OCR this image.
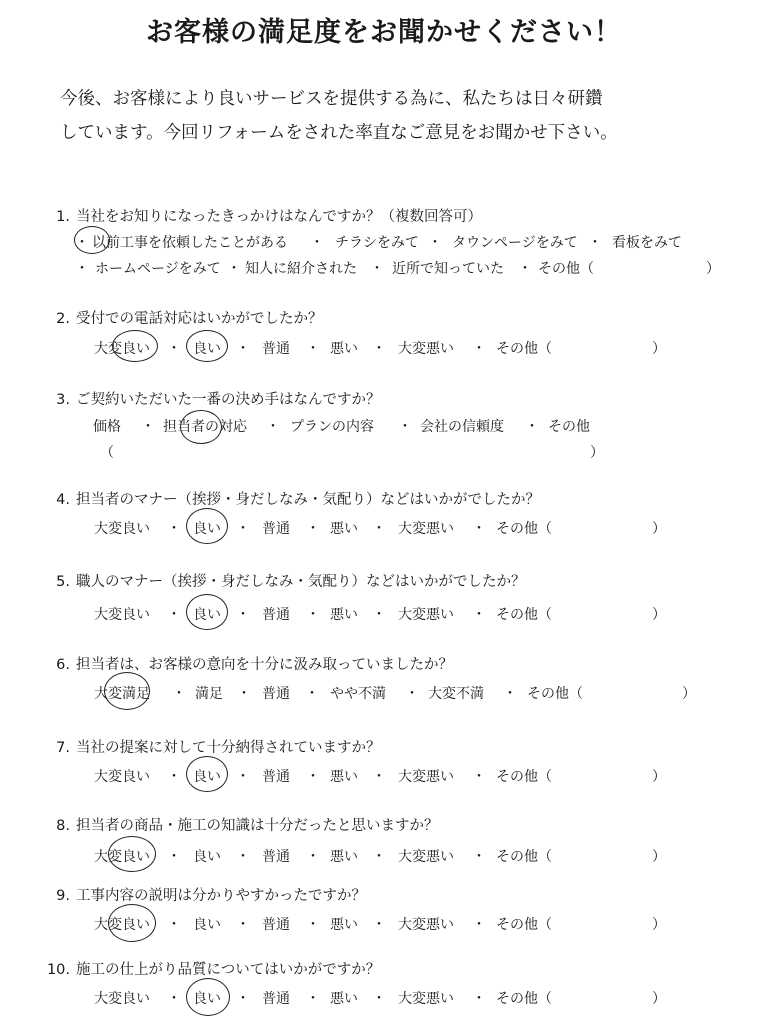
お客様の満足度をお聞かせください！
今後、お客様により良いサービスを提供する為に、私たちは日々研鑽
しています。今回リフォームをされた率直なご意見をお聞かせ下さい。
1. 当社をお知りになったきっかけはなんですか？（複数回答可）
・ 以前工事を依頼したことがある ・ チラシをみて ・ タウンページをみて ・ 看板をみて
・ ホームページをみて ・ 知人に紹介された ・ 近所で知っていた ・ その他（	）
2. 受付での電話対応はいかがでしたか？
大変良い ・ 良い ・ 普通 ・ 悪い ・ 大変悪い ・ その他（	）
3. ご契約いただいた一番の決め手はなんですか？
価格 ・ 担当者の対応 ・ プランの内容 ・ 会社の信頼度 ・ その他
（	）
4. 担当者のマナー（挨拶・身だしなみ・気配り）などはいかがでしたか？
大変良い ・ 良い ・ 普通 ・ 悪い ・ 大変悪い ・ その他（	）
5. 職人のマナー（挨拶・身だしなみ・気配り）などはいかがでしたか？
大変良い ・ 良い ・ 普通 ・ 悪い ・ 大変悪い ・ その他（	）
6. 担当者は、お客様の意向を十分に汲み取っていましたか？
大変満足 ・ 満足 ・ 普通 ・ やや不満 ・ 大変不満 ・ その他（	）
7. 当社の提案に対して十分納得されていますか？
大変良い ・ 良い ・ 普通 ・ 悪い ・ 大変悪い ・ その他（	）
8. 担当者の商品・施工の知識は十分だったと思いますか？
大変良い ・ 良い ・ 普通 ・ 悪い ・ 大変悪い ・ その他（	）
9. 工事内容の説明は分かりやすかったですか？
大変良い ・ 良い ・ 普通 ・ 悪い ・ 大変悪い ・ その他（	）
10. 施工の仕上がり品質についてはいかがですか？
大変良い ・ 良い ・ 普通 ・ 悪い ・ 大変悪い ・ その他（	）
